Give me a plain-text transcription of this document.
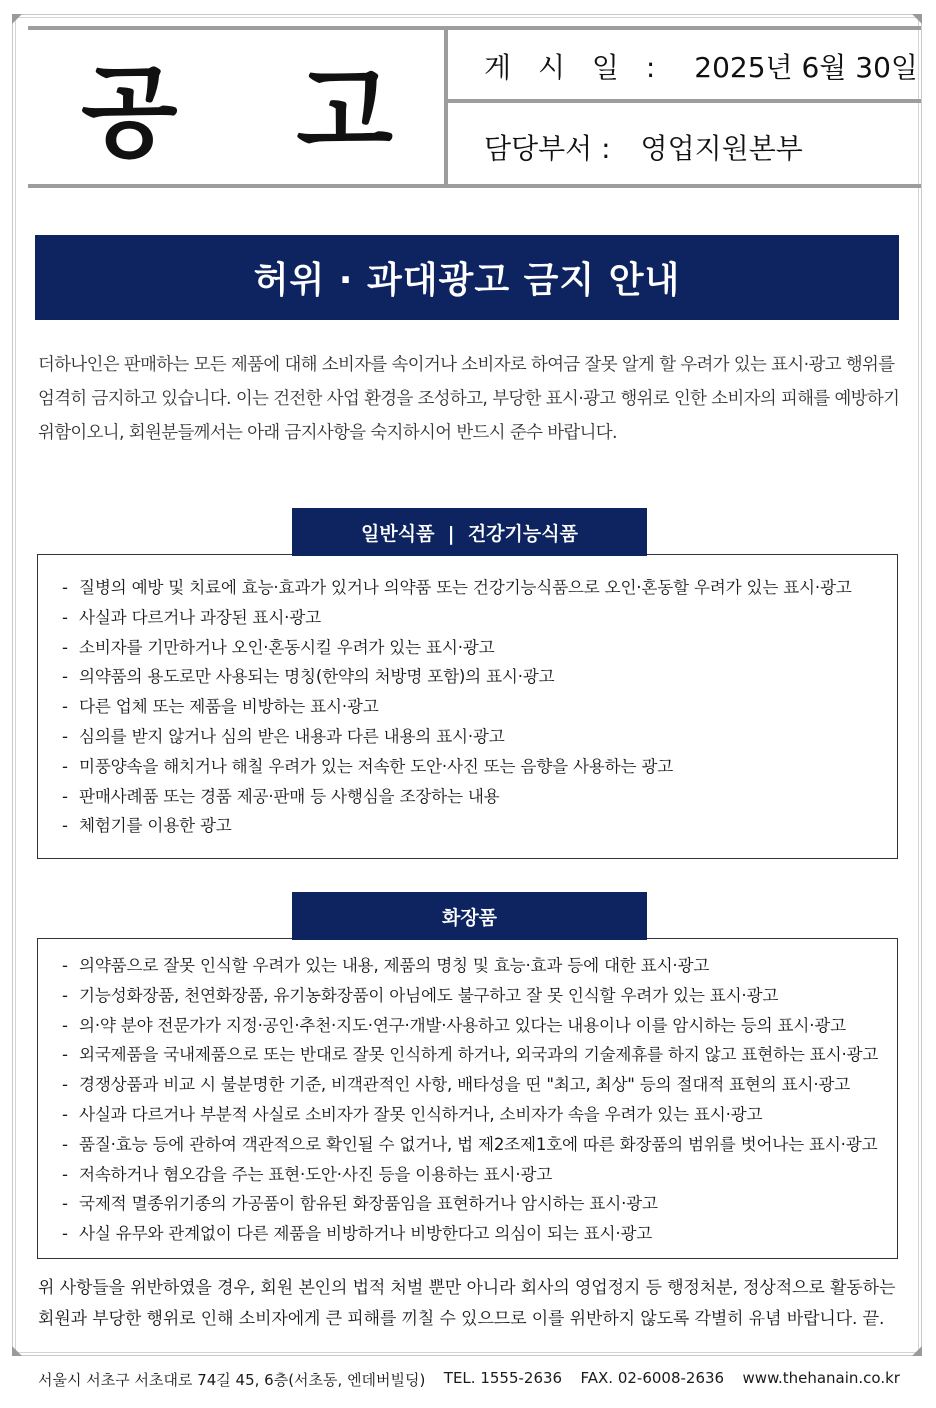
공 고	게 시 일 : 2025년 6월 30일
담당부서 : 영업지원본부
허위 · 과대광고 금지 안내

더하나인은 판매하는 모든 제품에 대해 소비자를 속이거나 소비자로 하여금 잘못 알게 할 우려가 있는 표시·광고 행위를

엄격히 금지하고 있습니다. 이는 건전한 사업 환경을 조성하고, 부당한 표시·광고 행위로 인한 소비자의 피해를 예방하기

위함이오니, 회원분들께서는 아래 금지사항을 숙지하시어 반드시 준수 바랍니다.

- 질병의 예방 및 치료에 효능·효과가 있거나 의약품 또는 건강기능식품으로 오인·혼동할 우려가 있는 표시·광고
- 사실과 다르거나 과장된 표시·광고
- 소비자를 기만하거나 오인·혼동시킬 우려가 있는 표시·광고
- 의약품의 용도로만 사용되는 명칭(한약의 처방명 포함)의 표시·광고
- 다른 업체 또는 제품을 비방하는 표시·광고
- 심의를 받지 않거나 심의 받은 내용과 다른 내용의 표시·광고
- 미풍양속을 해치거나 해칠 우려가 있는 저속한 도안·사진 또는 음향을 사용하는 광고
- 판매사례품 또는 경품 제공·판매 등 사행심을 조장하는 내용
- 체험기를 이용한 광고
일반식품  |  건강기능식품
- 의약품으로 잘못 인식할 우려가 있는 내용, 제품의 명칭 및 효능·효과 등에 대한 표시·광고
- 기능성화장품, 천연화장품, 유기농화장품이 아님에도 불구하고 잘 못 인식할 우려가 있는 표시·광고
- 의·약 분야 전문가가 지정·공인·추천·지도·연구·개발·사용하고 있다는 내용이나 이를 암시하는 등의 표시·광고
- 외국제품을 국내제품으로 또는 반대로 잘못 인식하게 하거나, 외국과의 기술제휴를 하지 않고 표현하는 표시·광고
- 경쟁상품과 비교 시 불분명한 기준, 비객관적인 사항, 배타성을 띤 "최고, 최상" 등의 절대적 표현의 표시·광고
- 사실과 다르거나 부분적 사실로 소비자가 잘못 인식하거나, 소비자가 속을 우려가 있는 표시·광고
- 품질·효능 등에 관하여 객관적으로 확인될 수 없거나, 법 제2조제1호에 따른 화장품의 범위를 벗어나는 표시·광고
- 저속하거나 혐오감을 주는 표현·도안·사진 등을 이용하는 표시·광고
- 국제적 멸종위기종의 가공품이 함유된 화장품임을 표현하거나 암시하는 표시·광고
- 사실 유무와 관계없이 다른 제품을 비방하거나 비방한다고 의심이 되는 표시·광고
화장품

위 사항들을 위반하였을 경우, 회원 본인의 법적 처벌 뿐만 아니라 회사의 영업정지 등 행정처분, 정상적으로 활동하는

회원과 부당한 행위로 인해 소비자에게 큰 피해를 끼칠 수 있으므로 이를 위반하지 않도록 각별히 유념 바랍니다. 끝.

서울시 서초구 서초대로 74길 45, 6층(서초동, 엔데버빌딩) TEL. 1555-2636 FAX. 02-6008-2636 www.thehanain.co.kr
